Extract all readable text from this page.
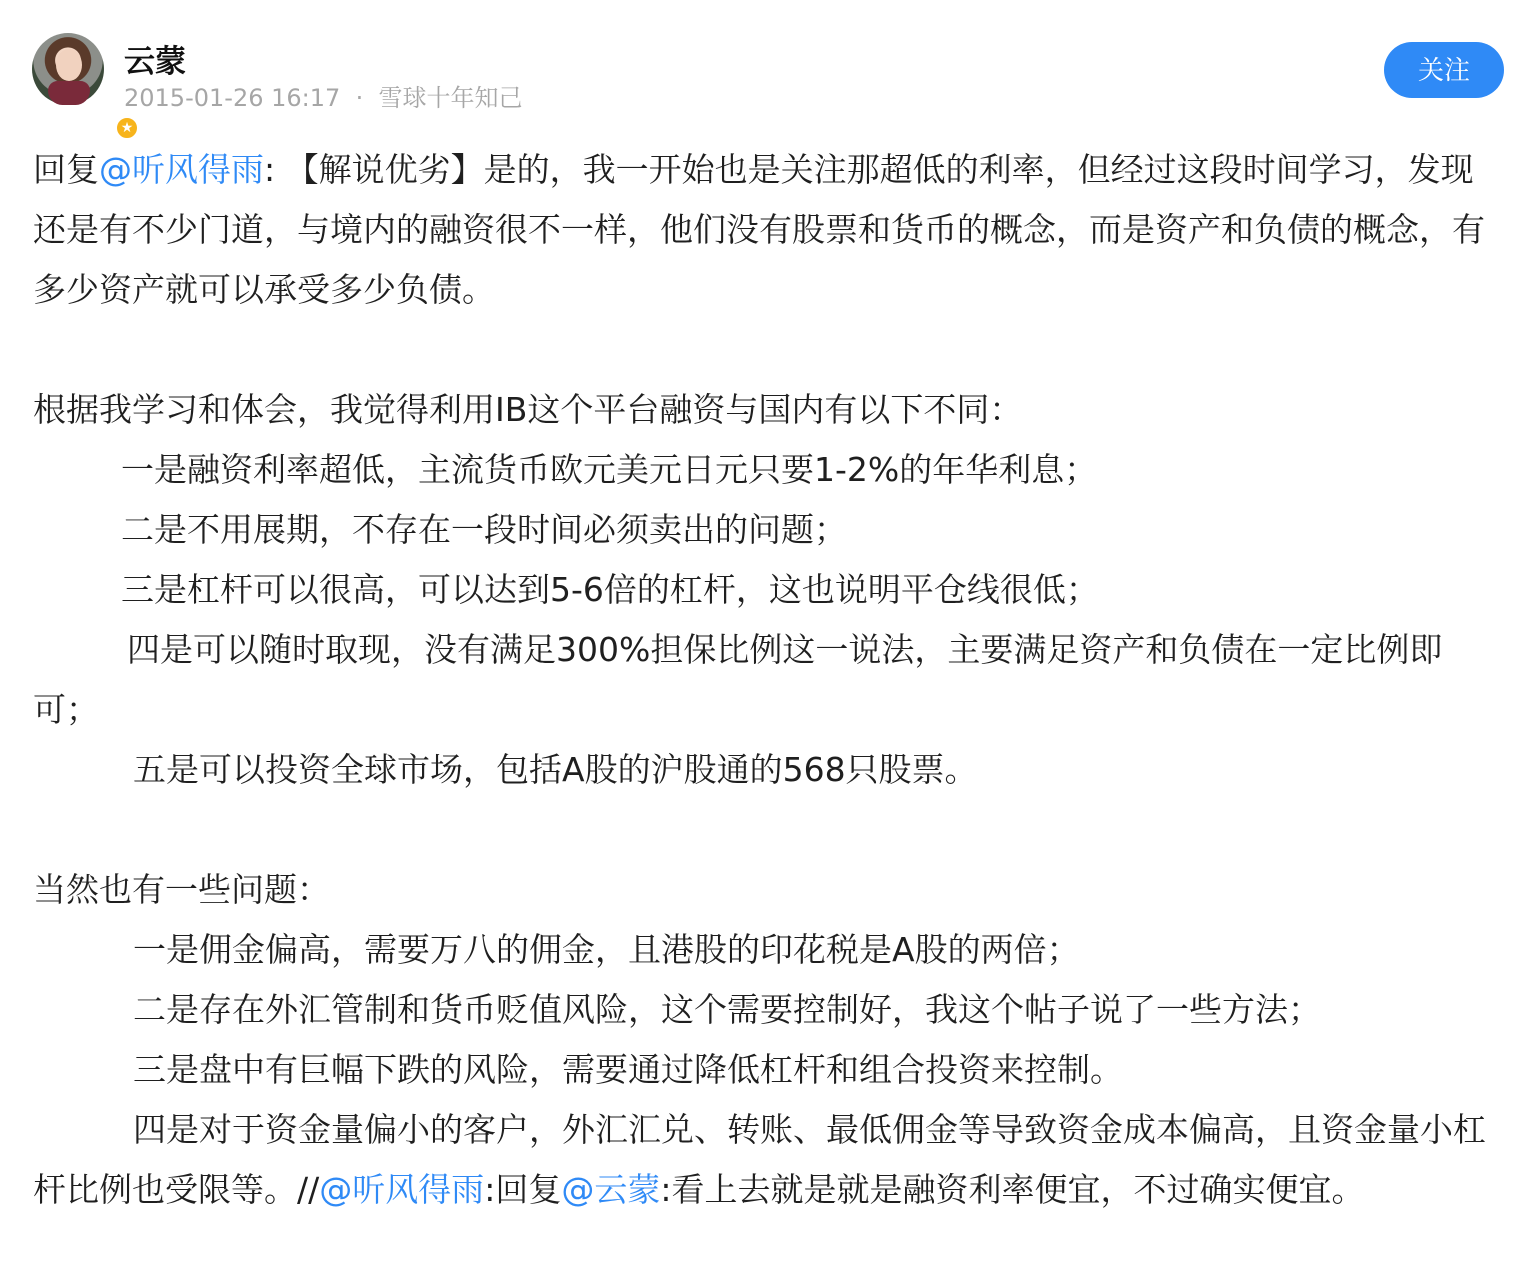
★
云蒙
2015-01-26 16:17 · 雪球十年知己
关注

回复@听风得雨: 【解说优劣】是的，我一开始也是关注那超低的利率，但经过这段时间学习，发现还是有不少门道，与境内的融资很不一样，他们没有股票和货币的概念，而是资产和负债的概念，有多少资产就可以承受多少负债。

根据我学习和体会，我觉得利用IB这个平台融资与国内有以下不同：

一是融资利率超低，主流货币欧元美元日元只要1-2%的年华利息；

二是不用展期，不存在一段时间必须卖出的问题；

三是杠杆可以很高，可以达到5-6倍的杠杆，这也说明平仓线很低；

四是可以随时取现，没有满足300%担保比例这一说法，主要满足资产和负债在一定比例即可；

五是可以投资全球市场，包括A股的沪股通的568只股票。

当然也有一些问题：

一是佣金偏高，需要万八的佣金，且港股的印花税是A股的两倍；

二是存在外汇管制和货币贬值风险，这个需要控制好，我这个帖子说了一些方法；

三是盘中有巨幅下跌的风险，需要通过降低杠杆和组合投资来控制。

四是对于资金量偏小的客户，外汇汇兑、转账、最低佣金等导致资金成本偏高，且资金量小杠杆比例也受限等。//@听风得雨:回复@云蒙:看上去就是就是融资利率便宜，不过确实便宜。
